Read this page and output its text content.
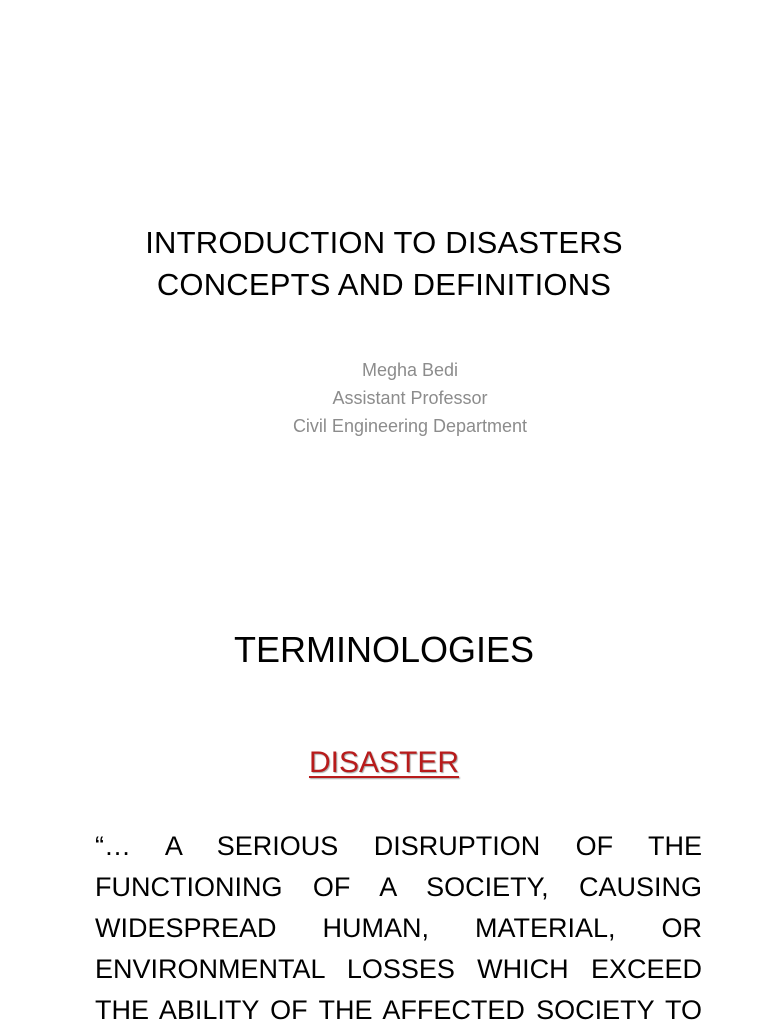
INTRODUCTION TO DISASTERS
CONCEPTS AND DEFINITIONS
Megha Bedi
Assistant Professor
Civil Engineering Department
TERMINOLOGIES
DISASTER
“… A SERIOUS DISRUPTION OF THE
FUNCTIONING OF A SOCIETY, CAUSING
WIDESPREAD HUMAN, MATERIAL, OR
ENVIRONMENTAL LOSSES WHICH EXCEED
THE ABILITY OF THE AFFECTED SOCIETY TO
